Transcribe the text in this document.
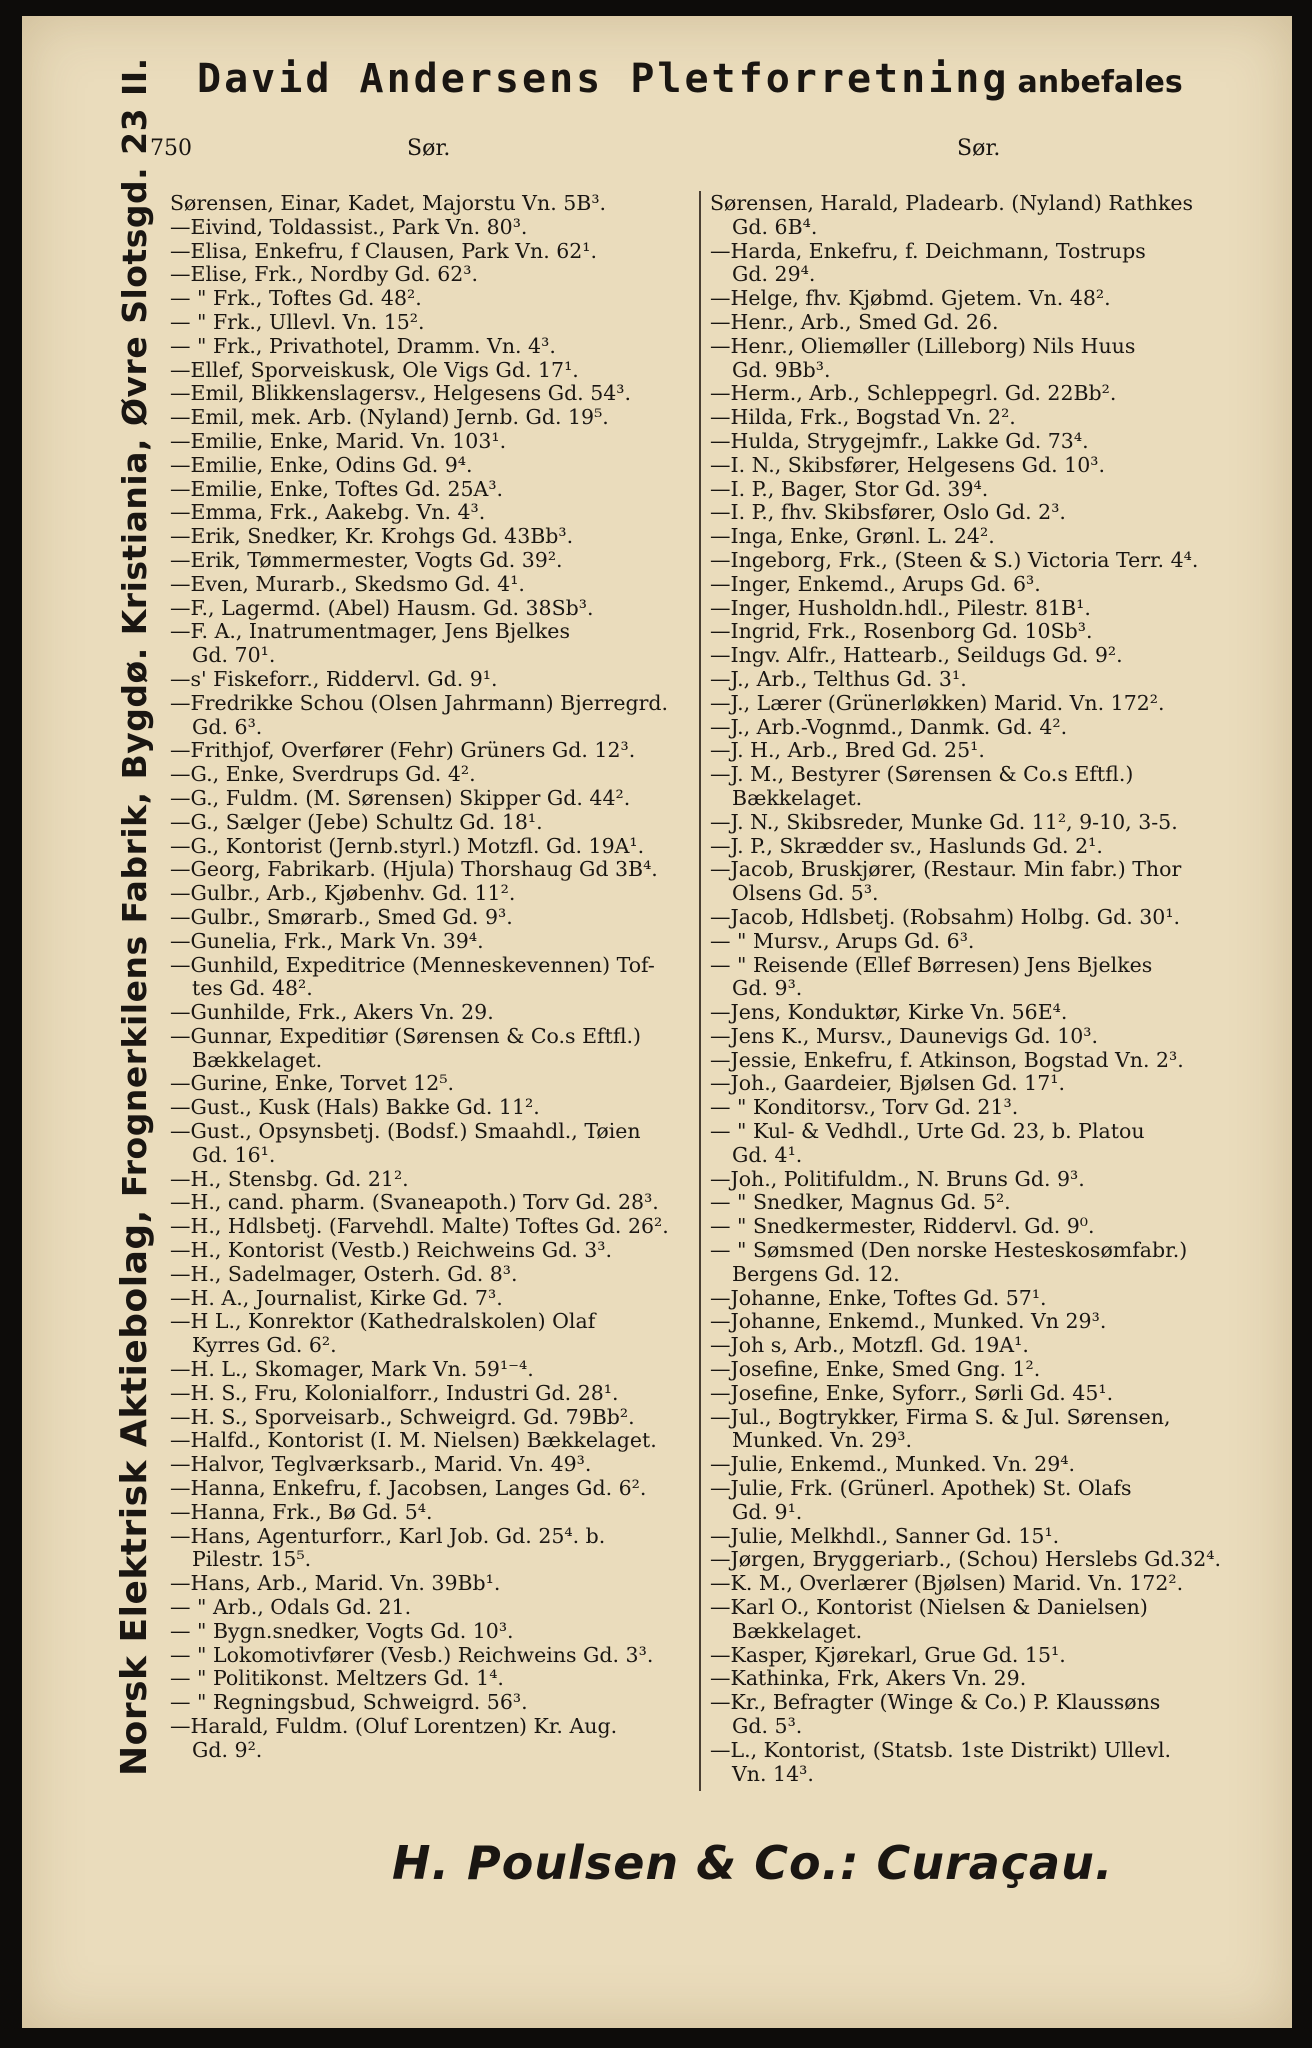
David Andersens Pletforretning anbefales
750	Sør.	Sør.
Norsk Elektrisk Aktiebolag, Frognerkilens Fabrik, Bygdø. Kristiania, Øvre Slotsgd. 23 II. Sørensen, Einar, Kadet, Majorstu Vn. 5B³.
—Eivind, Toldassist., Park Vn. 80³.
—Elisa, Enkefru, f Clausen, Park Vn. 62¹.
—Elise, Frk., Nordby Gd. 62³.
— " Frk., Toftes Gd. 48².
— " Frk., Ullevl. Vn. 15².
— " Frk., Privathotel, Dramm. Vn. 4³.
—Ellef, Sporveiskusk, Ole Vigs Gd. 17¹.
—Emil, Blikkenslagersv., Helgesens Gd. 54³.
—Emil, mek. Arb. (Nyland) Jernb. Gd. 19⁵.
—Emilie, Enke, Marid. Vn. 103¹.
—Emilie, Enke, Odins Gd. 9⁴.
—Emilie, Enke, Toftes Gd. 25A³.
—Emma, Frk., Aakebg. Vn. 4³.
—Erik, Snedker, Kr. Krohgs Gd. 43Bb³.
—Erik, Tømmermester, Vogts Gd. 39².
—Even, Murarb., Skedsmo Gd. 4¹.
—F., Lagermd. (Abel) Hausm. Gd. 38Sb³.
—F. A., Inatrumentmager, Jens Bjelkes

Gd. 70¹.
—s' Fiskeforr., Riddervl. Gd. 9¹.
—Fredrikke Schou (Olsen Jahrmann) Bjerregrd.

Gd. 6³.
—Frithjof, Overfører (Fehr) Grüners Gd. 12³.
—G., Enke, Sverdrups Gd. 4².
—G., Fuldm. (M. Sørensen) Skipper Gd. 44².
—G., Sælger (Jebe) Schultz Gd. 18¹.
—G., Kontorist (Jernb.styrl.) Motzfl. Gd. 19A¹.
—Georg, Fabrikarb. (Hjula) Thorshaug Gd 3B⁴.
—Gulbr., Arb., Kjøbenhv. Gd. 11².
—Gulbr., Smørarb., Smed Gd. 9³.
—Gunelia, Frk., Mark Vn. 39⁴.
—Gunhild, Expeditrice (Menneskevennen) Tof-

tes Gd. 48².
—Gunhilde, Frk., Akers Vn. 29.
—Gunnar, Expeditiør (Sørensen & Co.s Eftfl.)

Bækkelaget.
—Gurine, Enke, Torvet 12⁵.
—Gust., Kusk (Hals) Bakke Gd. 11².
—Gust., Opsynsbetj. (Bodsf.) Smaahdl., Tøien

Gd. 16¹.
—H., Stensbg. Gd. 21².
—H., cand. pharm. (Svaneapoth.) Torv Gd. 28³.
—H., Hdlsbetj. (Farvehdl. Malte) Toftes Gd. 26².
—H., Kontorist (Vestb.) Reichweins Gd. 3³.
—H., Sadelmager, Osterh. Gd. 8³.
—H. A., Journalist, Kirke Gd. 7³.
—H L., Konrektor (Kathedralskolen) Olaf

Kyrres Gd. 6².
—H. L., Skomager, Mark Vn. 59¹⁻⁴.
—H. S., Fru, Kolonialforr., Industri Gd. 28¹.
—H. S., Sporveisarb., Schweigrd. Gd. 79Bb².
—Halfd., Kontorist (I. M. Nielsen) Bækkelaget.
—Halvor, Teglværksarb., Marid. Vn. 49³.
—Hanna, Enkefru, f. Jacobsen, Langes Gd. 6².
—Hanna, Frk., Bø Gd. 5⁴.
—Hans, Agenturforr., Karl Job. Gd. 25⁴. b.

Pilestr. 15⁵.
—Hans, Arb., Marid. Vn. 39Bb¹.
— " Arb., Odals Gd. 21.
— " Bygn.snedker, Vogts Gd. 10³.
— " Lokomotivfører (Vesb.) Reichweins Gd. 3³.
— " Politikonst. Meltzers Gd. 1⁴.
— " Regningsbud, Schweigrd. 56³.
—Harald, Fuldm. (Oluf Lorentzen) Kr. Aug.

Gd. 9².
Sørensen, Harald, Pladearb. (Nyland) Rathkes

Gd. 6B⁴.
—Harda, Enkefru, f. Deichmann, Tostrups

Gd. 29⁴.
—Helge, fhv. Kjøbmd. Gjetem. Vn. 48².
—Henr., Arb., Smed Gd. 26.
—Henr., Oliemøller (Lilleborg) Nils Huus

Gd. 9Bb³.
—Herm., Arb., Schleppegrl. Gd. 22Bb².
—Hilda, Frk., Bogstad Vn. 2².
—Hulda, Strygejmfr., Lakke Gd. 73⁴.
—I. N., Skibsfører, Helgesens Gd. 10³.
—I. P., Bager, Stor Gd. 39⁴.
—I. P., fhv. Skibsfører, Oslo Gd. 2³.
—Inga, Enke, Grønl. L. 24².
—Ingeborg, Frk., (Steen & S.) Victoria Terr. 4⁴.
—Inger, Enkemd., Arups Gd. 6³.
—Inger, Husholdn.hdl., Pilestr. 81B¹.
—Ingrid, Frk., Rosenborg Gd. 10Sb³.
—Ingv. Alfr., Hattearb., Seildugs Gd. 9².
—J., Arb., Telthus Gd. 3¹.
—J., Lærer (Grünerløkken) Marid. Vn. 172².
—J., Arb.-Vognmd., Danmk. Gd. 4².
—J. H., Arb., Bred Gd. 25¹.
—J. M., Bestyrer (Sørensen & Co.s Eftfl.)

Bækkelaget.
—J. N., Skibsreder, Munke Gd. 11², 9-10, 3-5.
—J. P., Skrædder sv., Haslunds Gd. 2¹.
—Jacob, Bruskjører, (Restaur. Min fabr.) Thor

Olsens Gd. 5³.
—Jacob, Hdlsbetj. (Robsahm) Holbg. Gd. 30¹.
— " Mursv., Arups Gd. 6³.
— " Reisende (Ellef Børresen) Jens Bjelkes

Gd. 9³.
—Jens, Konduktør, Kirke Vn. 56E⁴.
—Jens K., Mursv., Daunevigs Gd. 10³.
—Jessie, Enkefru, f. Atkinson, Bogstad Vn. 2³.
—Joh., Gaardeier, Bjølsen Gd. 17¹.
— " Konditorsv., Torv Gd. 21³.
— " Kul- & Vedhdl., Urte Gd. 23, b. Platou

Gd. 4¹.
—Joh., Politifuldm., N. Bruns Gd. 9³.
— " Snedker, Magnus Gd. 5².
— " Snedkermester, Riddervl. Gd. 9⁰.
— " Sømsmed (Den norske Hesteskosømfabr.)

Bergens Gd. 12.
—Johanne, Enke, Toftes Gd. 57¹.
—Johanne, Enkemd., Munked. Vn 29³.
—Joh s, Arb., Motzfl. Gd. 19A¹.
—Josefine, Enke, Smed Gng. 1².
—Josefine, Enke, Syforr., Sørli Gd. 45¹.
—Jul., Bogtrykker, Firma S. & Jul. Sørensen,

Munked. Vn. 29³.
—Julie, Enkemd., Munked. Vn. 29⁴.
—Julie, Frk. (Grünerl. Apothek) St. Olafs

Gd. 9¹.
—Julie, Melkhdl., Sanner Gd. 15¹.
—Jørgen, Bryggeriarb., (Schou) Herslebs Gd.32⁴.
—K. M., Overlærer (Bjølsen) Marid. Vn. 172².
—Karl O., Kontorist (Nielsen & Danielsen)

Bækkelaget.
—Kasper, Kjørekarl, Grue Gd. 15¹.
—Kathinka, Frk, Akers Vn. 29.
—Kr., Befragter (Winge & Co.) P. Klaussøns

Gd. 5³.
—L., Kontorist, (Statsb. 1ste Distrikt) Ullevl.

Vn. 14³.
H. Poulsen & Co.: Curaçau.
